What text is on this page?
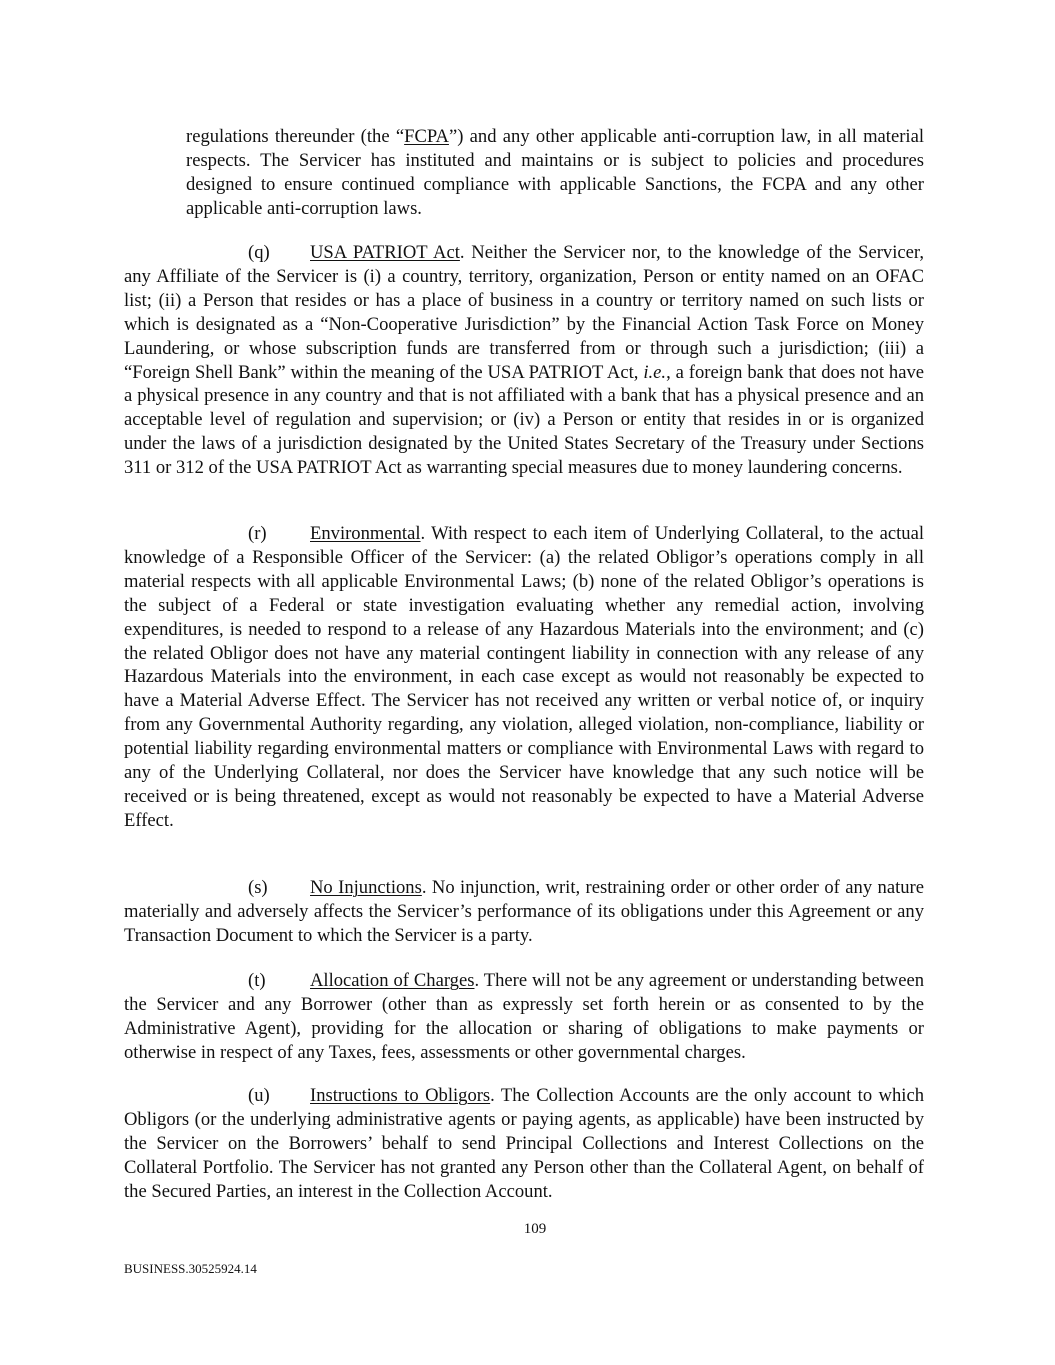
regulations thereunder (the “FCPA”) and any other applicable anti-corruption law, in all material respects. The Servicer has instituted and maintains or is subject to policies and procedures designed to ensure continued compliance with applicable Sanctions, the FCPA and any other applicable anti-corruption laws.

(q) USA PATRIOT Act. Neither the Servicer nor, to the knowledge of the Servicer, any Affiliate of the Servicer is (i) a country, territory, organization, Person or entity named on an OFAC list; (ii) a Person that resides or has a place of business in a country or territory named on such lists or which is designated as a “Non-Cooperative Jurisdiction” by the Financial Action Task Force on Money Laundering, or whose subscription funds are transferred from or through such a jurisdiction; (iii) a “Foreign Shell Bank” within the meaning of the USA PATRIOT Act, i.e., a foreign bank that does not have a physical presence in any country and that is not affiliated with a bank that has a physical presence and an acceptable level of regulation and supervision; or (iv) a Person or entity that resides in or is organized under the laws of a jurisdiction designated by the United States Secretary of the Treasury under Sections 311 or 312 of the USA PATRIOT Act as warranting special measures due to money laundering concerns.

(r) Environmental. With respect to each item of Underlying Collateral, to the actual knowledge of a Responsible Officer of the Servicer: (a) the related Obligor’s operations comply in all material respects with all applicable Environmental Laws; (b) none of the related Obligor’s operations is the subject of a Federal or state investigation evaluating whether any remedial action, involving expenditures, is needed to respond to a release of any Hazardous Materials into the environment; and (c) the related Obligor does not have any material contingent liability in connection with any release of any Hazardous Materials into the environment, in each case except as would not reasonably be expected to have a Material Adverse Effect. The Servicer has not received any written or verbal notice of, or inquiry from any Governmental Authority regarding, any violation, alleged violation, non-compliance, liability or potential liability regarding environmental matters or compliance with Environmental Laws with regard to any of the Underlying Collateral, nor does the Servicer have knowledge that any such notice will be received or is being threatened, except as would not reasonably be expected to have a Material Adverse Effect.

(s) No Injunctions. No injunction, writ, restraining order or other order of any nature materially and adversely affects the Servicer’s performance of its obligations under this Agreement or any Transaction Document to which the Servicer is a party.

(t) Allocation of Charges. There will not be any agreement or understanding between the Servicer and any Borrower (other than as expressly set forth herein or as consented to by the Administrative Agent), providing for the allocation or sharing of obligations to make payments or otherwise in respect of any Taxes, fees, assessments or other governmental charges.

(u) Instructions to Obligors. The Collection Accounts are the only account to which Obligors (or the underlying administrative agents or paying agents, as applicable) have been instructed by the Servicer on the Borrowers’ behalf to send Principal Collections and Interest Collections on the Collateral Portfolio. The Servicer has not granted any Person other than the Collateral Agent, on behalf of the Secured Parties, an interest in the Collection Account.

109
BUSINESS.30525924.14
